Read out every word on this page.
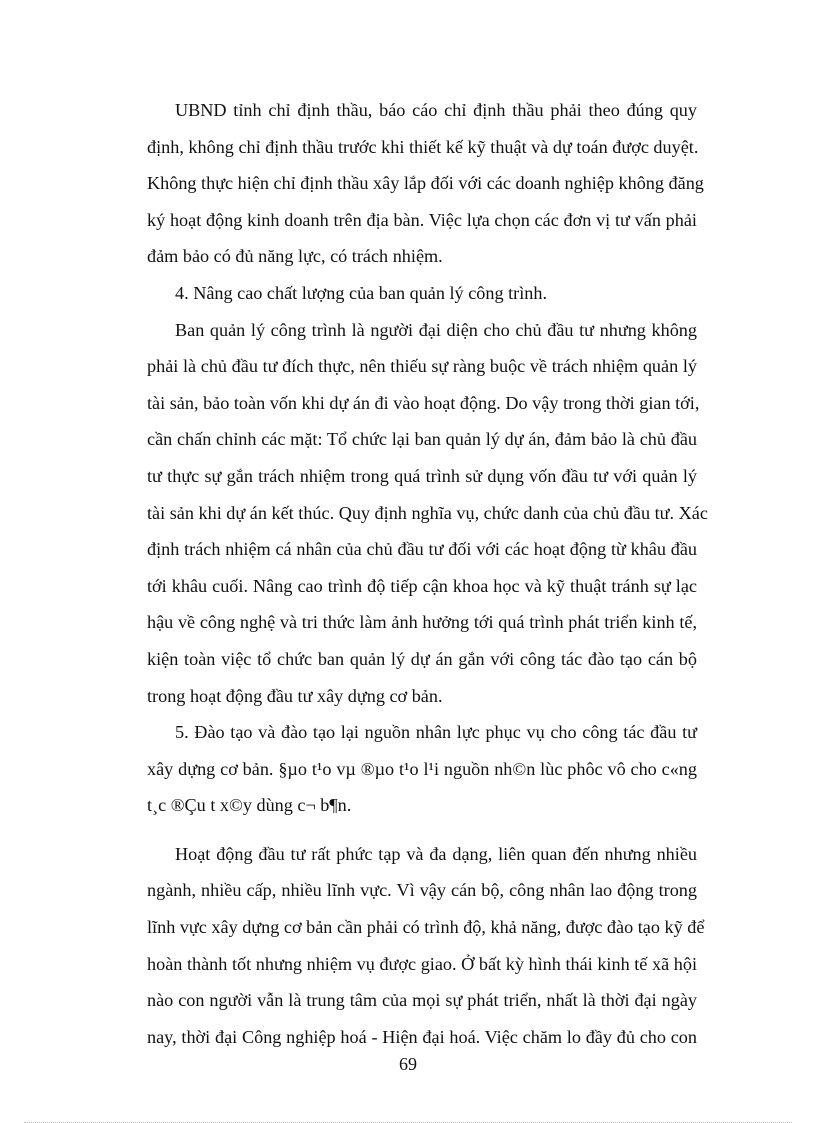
UBND tỉnh chỉ định thầu, báo cáo chỉ định thầu phải theo đúng quy
định, không chỉ định thầu trước khi thiết kế kỹ thuật và dự toán được duyệt.
Không thực hiện chỉ định thầu xây lắp đối với các doanh nghiệp không đăng
ký hoạt động kinh doanh trên địa bàn. Việc lựa chọn các đơn vị tư vấn phải
đảm bảo có đủ năng lực, có trách nhiệm.
4. Nâng cao chất lượng của ban quản lý công trình.
Ban quản lý công trình là người đại diện cho chủ đầu tư nhưng không
phải là chủ đầu tư đích thực, nên thiếu sự ràng buộc về trách nhiệm quản lý
tài sản, bảo toàn vốn khi dự án đi vào hoạt động. Do vậy trong thời gian tới,
cần chấn chỉnh các mặt: Tổ chức lại ban quản lý dự án, đảm bảo là chủ đầu
tư thực sự gắn trách nhiệm trong quá trình sử dụng vốn đầu tư với quản lý
tài sản khi dự án kết thúc. Quy định nghĩa vụ, chức danh của chủ đầu tư. Xác
định trách nhiệm cá nhân của chủ đầu tư đối với các hoạt động từ khâu đầu
tới khâu cuối. Nâng cao trình độ tiếp cận khoa học và kỹ thuật tránh sự lạc
hậu về công nghệ và tri thức làm ảnh hưởng tới quá trình phát triển kinh tế,
kiện toàn việc tổ chức ban quản lý dự án gắn với công tác đào tạo cán bộ
trong hoạt động đầu tư xây dựng cơ bản.
5. Đào tạo và đào tạo lại nguồn nhân lực phục vụ cho công tác đầu tư
xây dựng cơ bản. §µo t¹o vµ ®µo t¹o l¹i nguồn nh©n lùc phôc vô cho c«ng
t¸c ®Çu t x©y dùng c¬ b¶n.
Hoạt động đầu tư rất phức tạp và đa dạng, liên quan đến nhưng nhiều
ngành, nhiều cấp, nhiều lĩnh vực. Vì vậy cán bộ, công nhân lao động trong
lĩnh vực xây dựng cơ bản cần phải có trình độ, khả năng, được đào tạo kỹ để
hoàn thành tốt nhưng nhiệm vụ được giao. Ở bất kỳ hình thái kinh tế xã hội
nào con người vẫn là trung tâm của mọi sự phát triển, nhất là thời đại ngày
nay, thời đại Công nghiệp hoá - Hiện đại hoá. Việc chăm lo đầy đủ cho con
69
